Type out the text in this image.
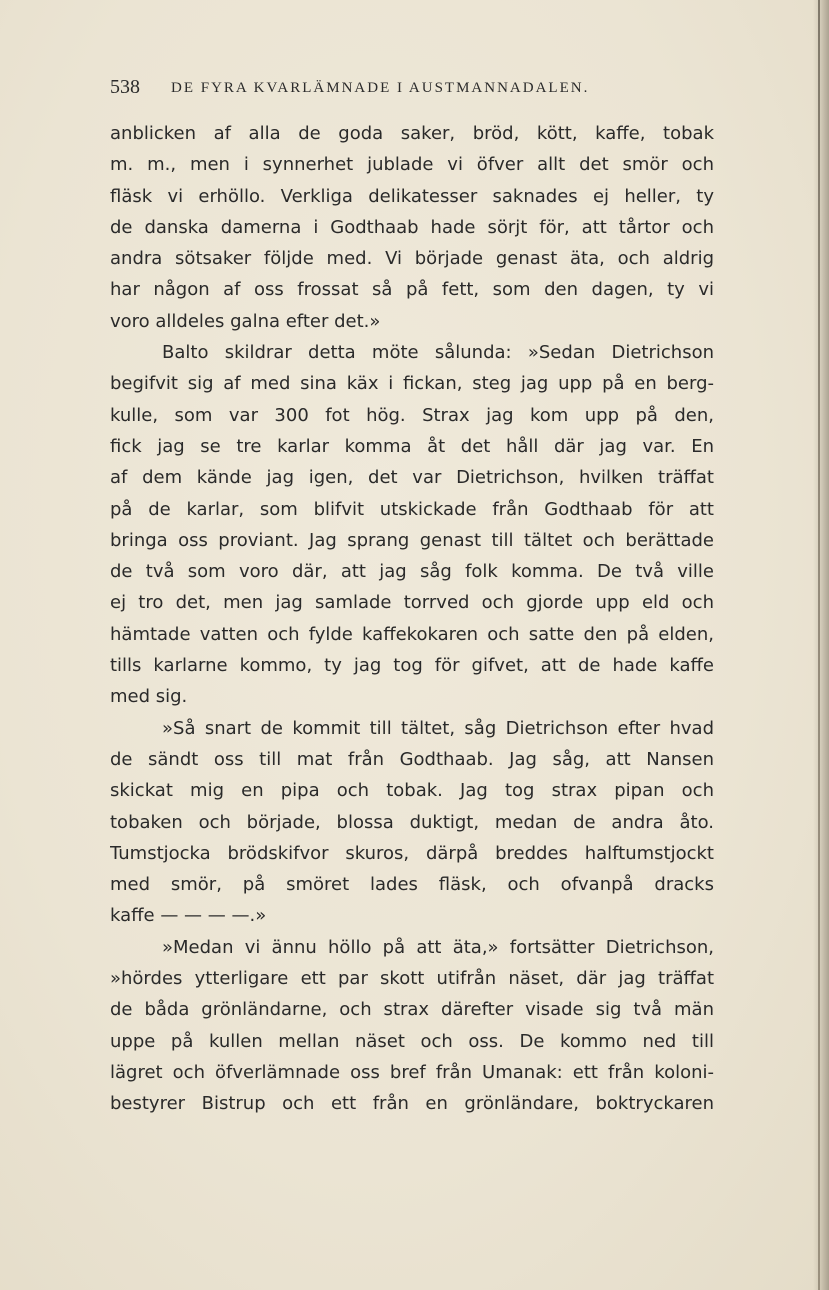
538 DE FYRA KVARLÄMNADE I AUSTMANNADALEN.
anblicken af alla de goda saker, bröd, kött, kaffe, tobak
m. m., men i synnerhet jublade vi öfver allt det smör och
fläsk vi erhöllo. Verkliga delikatesser saknades ej heller, ty
de danska damerna i Godthaab hade sörjt för, att tårtor och
andra sötsaker följde med. Vi började genast äta, och aldrig
har någon af oss frossat så på fett, som den dagen, ty vi
voro alldeles galna efter det.»
Balto skildrar detta möte sålunda: »Sedan Dietrichson
begifvit sig af med sina käx i fickan, steg jag upp på en berg-
kulle, som var 300 fot hög. Strax jag kom upp på den,
fick jag se tre karlar komma åt det håll där jag var. En
af dem kände jag igen, det var Dietrichson, hvilken träffat
på de karlar, som blifvit utskickade från Godthaab för att
bringa oss proviant. Jag sprang genast till tältet och berättade
de två som voro där, att jag såg folk komma. De två ville
ej tro det, men jag samlade torrved och gjorde upp eld och
hämtade vatten och fylde kaffekokaren och satte den på elden,
tills karlarne kommo, ty jag tog för gifvet, att de hade kaffe
med sig.
»Så snart de kommit till tältet, såg Dietrichson efter hvad
de sändt oss till mat från Godthaab. Jag såg, att Nansen
skickat mig en pipa och tobak. Jag tog strax pipan och
tobaken och började, blossa duktigt, medan de andra åto.
Tumstjocka brödskifvor skuros, därpå breddes halftumstjockt
med smör, på smöret lades fläsk, och ofvanpå dracks
kaffe — — — —.»
»Medan vi ännu höllo på att äta,» fortsätter Dietrichson,
»hördes ytterligare ett par skott utifrån näset, där jag träffat
de båda grönländarne, och strax därefter visade sig två män
uppe på kullen mellan näset och oss. De kommo ned till
lägret och öfverlämnade oss bref från Umanak: ett från koloni-
bestyrer Bistrup och ett från en grönländare, boktryckaren
